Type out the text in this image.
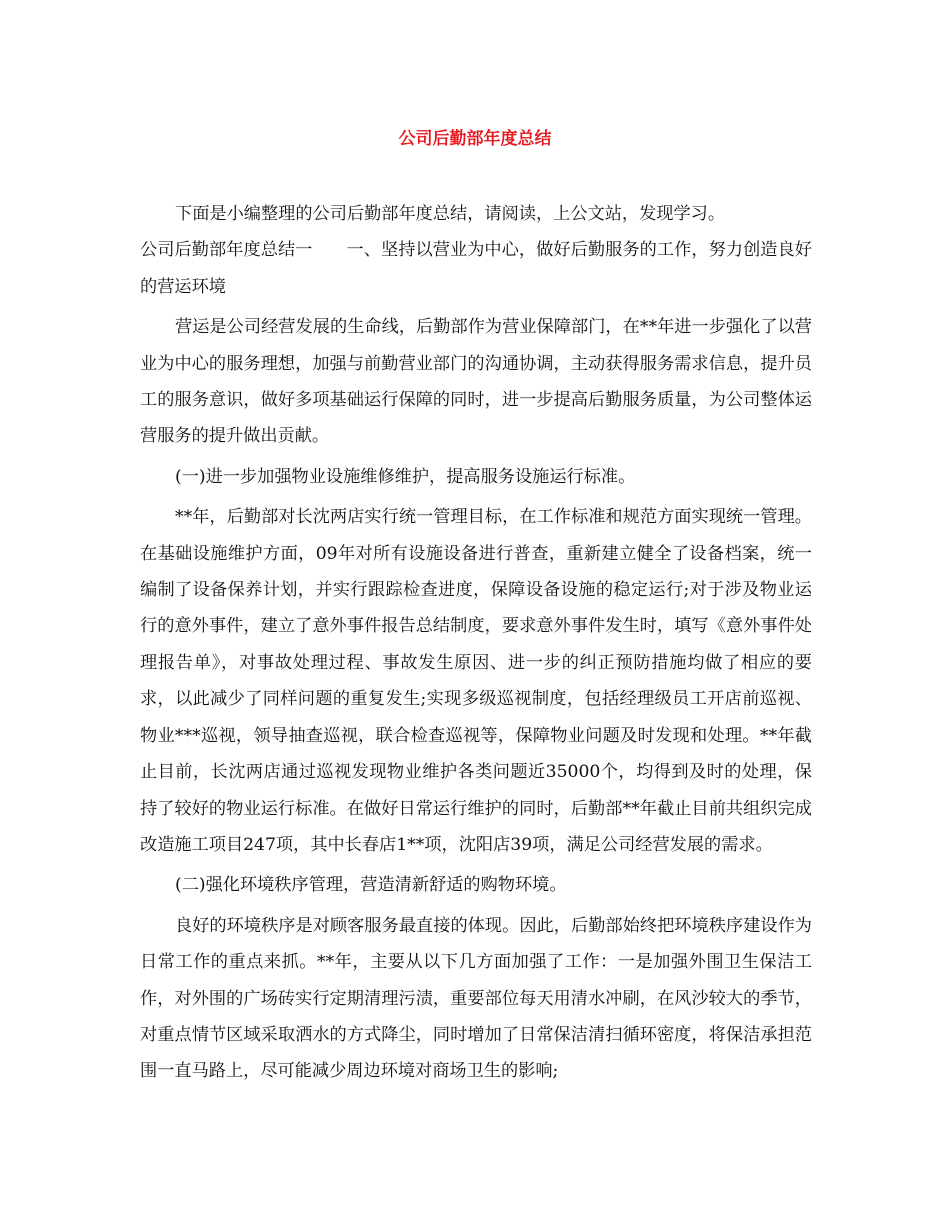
公司后勤部年度总结

下面是小编整理的公司后勤部年度总结，请阅读，上公文站，发现学习。

公司后勤部年度总结一 一、坚持以营业为中心，做好后勤服务的工作，努力创造良好的营运环境

营运是公司经营发展的生命线，后勤部作为营业保障部门，在**年进一步强化了以营业为中心的服务理想，加强与前勤营业部门的沟通协调，主动获得服务需求信息，提升员工的服务意识，做好多项基础运行保障的同时，进一步提高后勤服务质量，为公司整体运营服务的提升做出贡献。

(一)进一步加强物业设施维修维护，提高服务设施运行标准。

**年，后勤部对长沈两店实行统一管理目标，在工作标准和规范方面实现统一管理。在基础设施维护方面，09年对所有设施设备进行普查，重新建立健全了设备档案，统一编制了设备保养计划，并实行跟踪检查进度，保障设备设施的稳定运行;对于涉及物业运行的意外事件，建立了意外事件报告总结制度，要求意外事件发生时，填写《意外事件处理报告单》，对事故处理过程、事故发生原因、进一步的纠正预防措施均做了相应的要求，以此减少了同样问题的重复发生;实现多级巡视制度，包括经理级员工开店前巡视、物业***巡视，领导抽查巡视，联合检查巡视等，保障物业问题及时发现和处理。**年截止目前，长沈两店通过巡视发现物业维护各类问题近35000个，均得到及时的处理，保持了较好的物业运行标准。在做好日常运行维护的同时，后勤部**年截止目前共组织完成改造施工项目247项，其中长春店1**项，沈阳店39项，满足公司经营发展的需求。

(二)强化环境秩序管理，营造清新舒适的购物环境。

良好的环境秩序是对顾客服务最直接的体现。因此，后勤部始终把环境秩序建设作为日常工作的重点来抓。**年，主要从以下几方面加强了工作：一是加强外围卫生保洁工作，对外围的广场砖实行定期清理污渍，重要部位每天用清水冲刷，在风沙较大的季节，对重点情节区域采取洒水的方式降尘，同时增加了日常保洁清扫循环密度，将保洁承担范围一直马路上，尽可能减少周边环境对商场卫生的影响;
